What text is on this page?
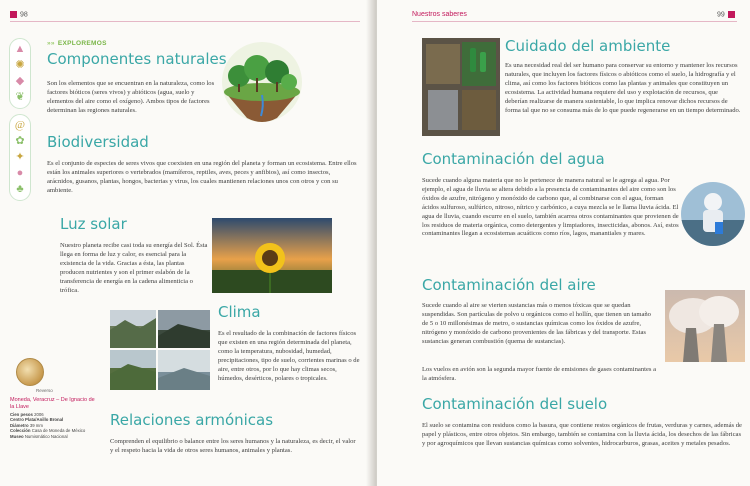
98
▲
✺
◆
❦
@
✿
✦
●
♣
»» EXPLOREMOS
Componentes naturales

Son los elementos que se encuentran en la naturaleza, como los factores bióticos (seres vivos) y abióticos (agua, suelo y elementos del aire como el oxígeno). Ambos tipos de factores determinan las regiones naturales.

Biodiversidad

Es el conjunto de especies de seres vivos que coexisten en una región del planeta y forman un ecosistema. Entre ellos están los animales superiores o vertebrados (mamíferos, reptiles, aves, peces y anfibios), así como insectos, arácnidos, gusanos, plantas, hongos, bacterias y virus, los cuales mantienen relaciones unos con otros y con su ambiente.

Luz solar

Nuestro planeta recibe casi toda su energía del Sol. Ésta llega en forma de luz y calor, es esencial para la existencia de la vida. Gracias a ésta, las plantas producen nutrientes y son el primer eslabón de la transferencia de energía en la cadena alimenticia o trófica.

Clima

Es el resultado de la combinación de factores físicos que existen en una región determinada del planeta, como la temperatura, nubosidad, humedad, precipitaciones, tipo de suelo, corrientes marinas o de aire, entre otros, por lo que hay climas secos, húmedos, desérticos, polares o tropicales.

Relaciones armónicas

Comprenden el equilibrio o balance entre los seres humanos y la naturaleza, es decir, el valor y el respeto hacia la vida de otros seres humanos, animales y plantas.

Reverso
Moneda, Veracruz – De Ignacio de la Llave
Cien pesos 2006
Centro Plata/Anillo Bronal
Diámetro 39 mm
Colección Casa de Moneda de México
Museo Numismático Nacional
Nuestros saberes	99
Cuidado del ambiente

Es una necesidad real del ser humano para conservar su entorno y mantener los recursos naturales, que incluyen los factores físicos o abióticos como el suelo, la hidrografía y el clima, así como los factores bióticos como las plantas y animales que constituyen un ecosistema. La actividad humana requiere del uso y explotación de recursos, que deberían realizarse de manera sustentable, lo que implica renovar dichos recursos de forma tal que no se consuma más de lo que puede regenerarse en un tiempo determinado.

Contaminación del agua

Sucede cuando alguna materia que no le pertenece de manera natural se le agrega al agua. Por ejemplo, el agua de lluvia se altera debido a la presencia de contaminantes del aire como son los óxidos de azufre, nitrógeno y monóxido de carbono que, al combinarse con el agua, forman ácidos sulfuroso, sulfúrico, nitroso, nítrico y carbónico, a cuya mezcla se le llama lluvia ácida. El agua de lluvia, cuando escurre en el suelo, también acarrea otros contaminantes que provienen de los residuos de materia orgánica, como detergentes y limpiadores, insecticidas, abonos. Así, estos contaminantes llegan a ecosistemas acuáticos como ríos, lagos, manantiales y mares.

Contaminación del aire

Sucede cuando al aire se vierten sustancias más o menos tóxicas que se quedan suspendidas. Son partículas de polvo u orgánicos como el hollín, que tienen un tamaño de 5 o 10 millonésimas de metro, o sustancias químicas como los óxidos de azufre, nitrógeno y monóxido de carbono provenientes de las fábricas y del transporte. Estas sustancias generan combustión (quema de sustancias).

Los vuelos en avión son la segunda mayor fuente de emisiones de gases contaminantes a la atmósfera.

Contaminación del suelo

El suelo se contamina con residuos como la basura, que contiene restos orgánicos de frutas, verduras y carnes, además de papel y plásticos, entre otros objetos. Sin embargo, también se contamina con la lluvia ácida, los desechos de las fábricas y por agroquímicos que llevan sustancias químicas como solventes, hidrocarburos, grasas, aceites y metales pesados.
